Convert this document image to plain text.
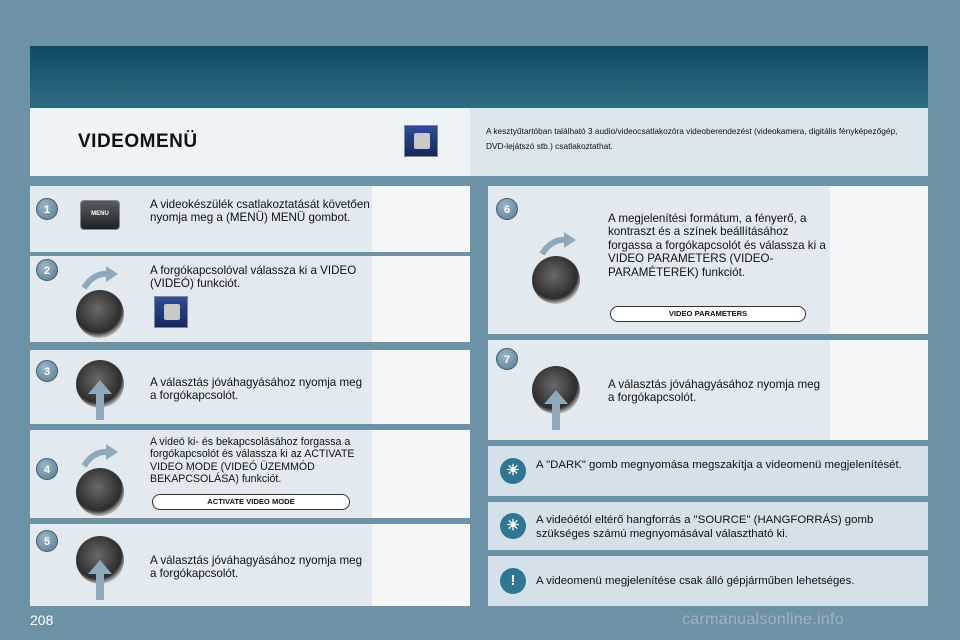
VIDEOMENÜ	A kesztyűtartóban található 3 audio/videocsatlakozóra videoberendezést (videokamera, digitális fényképezőgép, DVD-lejátszó stb.) csatlakoztathat.
1	MENU
A videokészülék csatlakoztatását követően nyomja meg a (MENÜ) MENÜ gombot.
2	A forgókapcsolóval válassza ki a VIDEO (VIDEÓ) funkciót.
3
A választás jóváhagyásához nyomja meg a forgókapcsolót.
4
A videó ki- és bekapcsolásához forgassa a forgókapcsolót és válassza ki az ACTIVATE VIDEO MODE (VIDEÓ ÜZEMMÓD BEKAPCSOLÁSA) funkciót.
ACTIVATE VIDEO MODE
5
A választás jóváhagyásához nyomja meg a forgókapcsolót.
6
A megjelenítési formátum, a fényerő, a kontraszt és a színek beállításához forgassa a forgókapcsolót és válassza ki a VIDEO PARAMETERS (VIDEO-PARAMÉTEREK) funkciót.
VIDEO PARAMETERS
7
A választás jóváhagyásához nyomja meg a forgókapcsolót.
☀	A "DARK" gomb megnyomása megszakítja a videomenü megjelenítését.
☀	A videóétól eltérő hangforrás a "SOURCE" (HANGFORRÁS) gomb szükséges számú megnyomásával választható ki.
!	A videomenü megjelenítése csak álló gépjárműben lehetséges.
208	carmanualsonline.info
